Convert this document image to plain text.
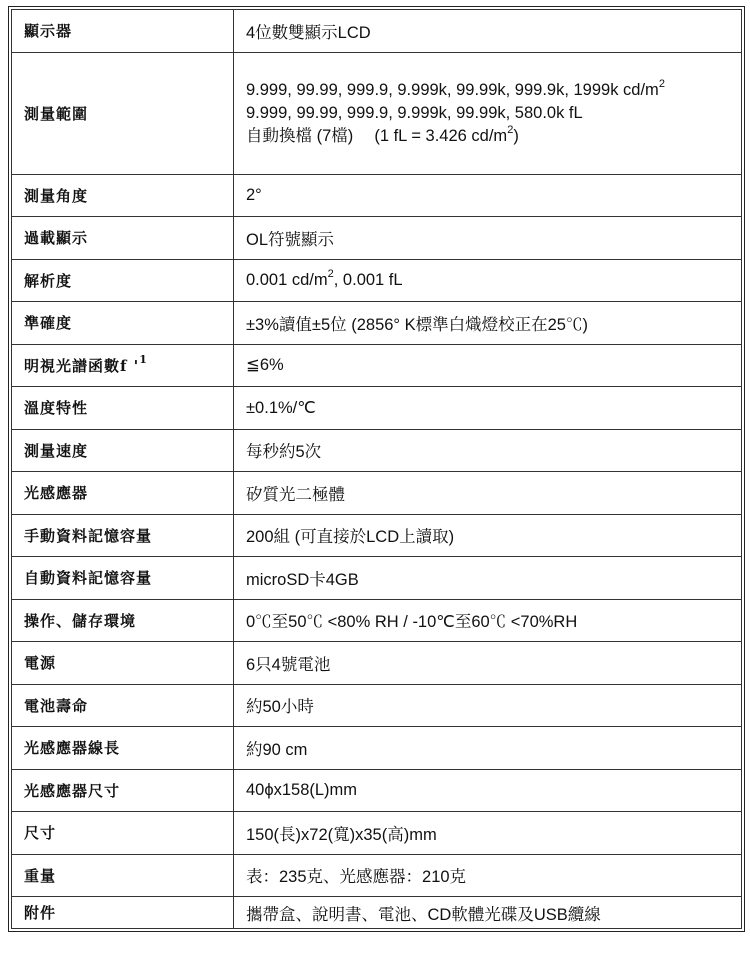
顯示器	4位數雙顯示LCD
測量範圍	9.999, 99.99, 999.9, 9.999k, 99.99k, 999.9k, 1999k $cd/m^2$
9.999, 99.99, 999.9, 9.999k, 99.99k, 580.0k fL
自動換檔 (7檔)　 (1 fL = 3.426 $cd/m^2$)

測量角度	2°
過載顯示	OL符號顯示
解析度	0.001 $cd/m^2$, 0.001 fL
準確度	±3%讀值±5位 (2856° K標準白熾燈校正在25℃)
明視光譜函數f '$^1$	≦6%
溫度特性	±0.1%/℃
測量速度	每秒約5次
光感應器	矽質光二極體
手動資料記憶容量	200組 (可直接於LCD上讀取)
自動資料記憶容量	microSD卡4GB
操作、儲存環境	0℃至50℃ <80% RH / -10℃至60℃ <70%RH
電源	6只4號電池
電池壽命	約50小時
光感應器線長	約90 cm
光感應器尺寸	40ϕx158(L)mm
尺寸	150(長)x72(寬)x35(高)mm
重量	表：235克、光感應器：210克
附件	攜帶盒、說明書、電池、CD軟體光碟及USB纜線
